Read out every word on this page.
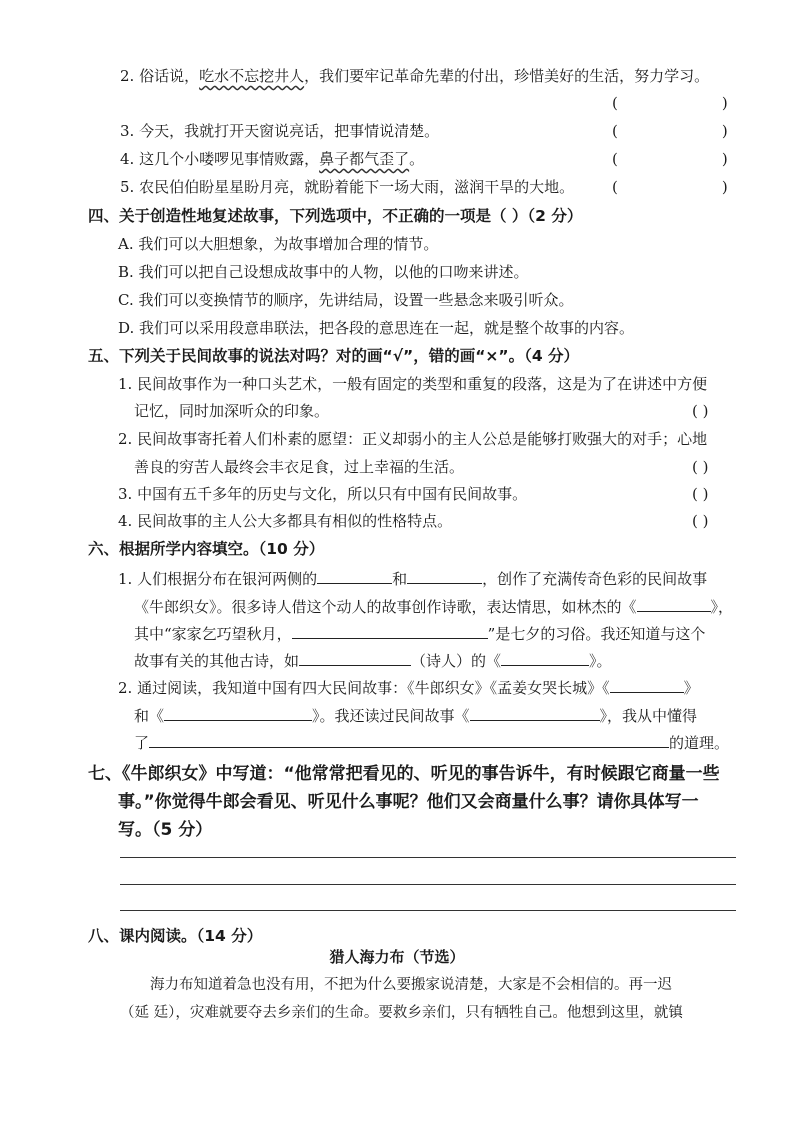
2. 俗话说，吃水不忘挖井人，我们要牢记革命先辈的付出，珍惜美好的生活，努力学习。
(	)
3. 今天，我就打开天窗说亮话，把事情说清楚。	(	)
4. 这几个小喽啰见事情败露，鼻子都气歪了。	(	)
5. 农民伯伯盼星星盼月亮，就盼着能下一场大雨，滋润干旱的大地。	(	)
四、关于创造性地复述故事，下列选项中，不正确的一项是（ ）（2 分）
A. 我们可以大胆想象，为故事增加合理的情节。
B. 我们可以把自己设想成故事中的人物，以他的口吻来讲述。
C. 我们可以变换情节的顺序，先讲结局，设置一些悬念来吸引听众。
D. 我们可以采用段意串联法，把各段的意思连在一起，就是整个故事的内容。
五、下列关于民间故事的说法对吗？对的画“√”，错的画“×”。（4 分）
1. 民间故事作为一种口头艺术，一般有固定的类型和重复的段落，这是为了在讲述中方便
记忆，同时加深听众的印象。	( )
2. 民间故事寄托着人们朴素的愿望：正义却弱小的主人公总是能够打败强大的对手；心地
善良的穷苦人最终会丰衣足食，过上幸福的生活。	( )
3. 中国有五千多年的历史与文化，所以只有中国有民间故事。	( )
4. 民间故事的主人公大多都具有相似的性格特点。	( )
六、根据所学内容填空。（10 分）
1. 人们根据分布在银河两侧的	和	，创作了充满传奇色彩的民间故事
《牛郎织女》。很多诗人借这个动人的故事创作诗歌，表达情思，如林杰的《	》，
其中“家家乞巧望秋月，	”是七夕的习俗。我还知道与这个
故事有关的其他古诗，如	（诗人）的《	》。
2. 通过阅读，我知道中国有四大民间故事：《牛郎织女》《孟姜女哭长城》《	》
和《	》。我还读过民间故事《	》，我从中懂得
了	的道理。
七、《牛郎织女》中写道：“他常常把看见的、听见的事告诉牛，有时候跟它商量一些
事。”你觉得牛郎会看见、听见什么事呢？他们又会商量什么事？请你具体写一
写。（5 分）
八、课内阅读。（14 分）
猎人海力布（节选）
海力布知道着急也没有用，不把为什么要搬家说清楚，大家是不会相信的。再一迟
（延 廷），灾难就要夺去乡亲们的生命。要救乡亲们，只有牺牲自己。他想到这里，就镇
